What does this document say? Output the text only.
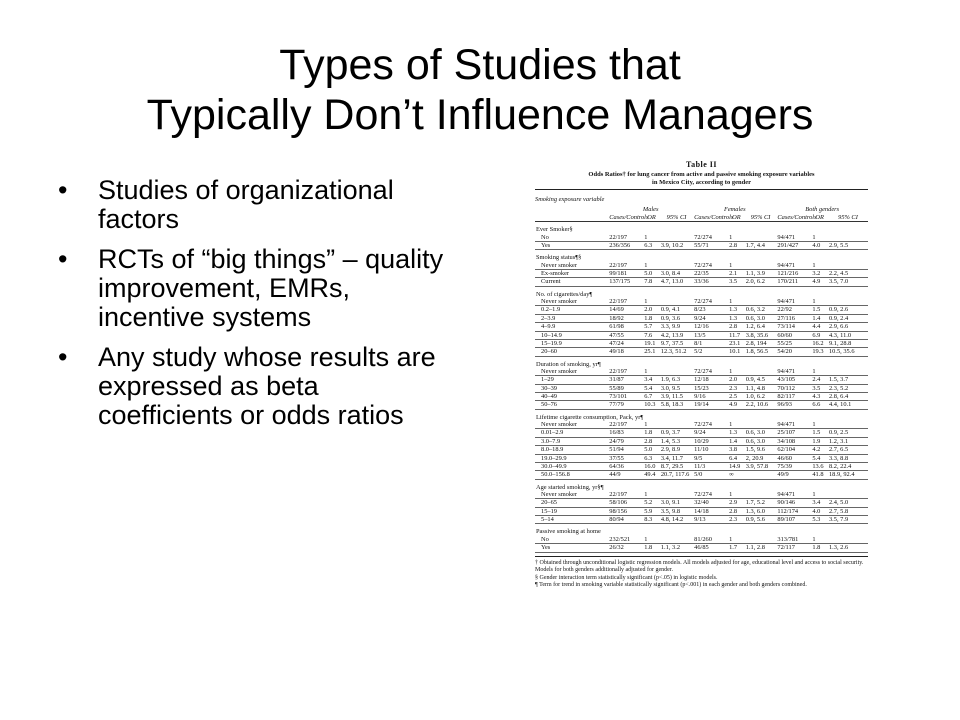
Types of Studies that
Typically Don’t Influence Managers
• Studies of organizational factors
• RCTs of “big things” – quality improvement, EMRs, incentive systems
• Any study whose results are expressed as beta coefficients or odds ratios
Table II
Odds Ratios† for lung cancer from active and passive smoking exposure variables
in Mexico City, according to gender
Smoking exposure variable
	Males			Females			Both genders		
	Cases/Controls	OR	95% CI	Cases/Controls	OR	95% CI	Cases/Controls	OR	95% CI
Ever Smoker§									
No	22/197	1		72/274	1		94/471	1	
Yes	236/356	6.3	3.9, 10.2	55/71	2.8	1.7, 4.4	291/427	4.0	2.9, 5.5
Smoking status¶§									
Never smoker	22/197	1		72/274	1		94/471	1	
Ex-smoker	99/181	5.0	3.0, 8.4	22/35	2.1	1.1, 3.9	121/216	3.2	2.2, 4.5
Current	137/175	7.8	4.7, 13.0	33/36	3.5	2.0, 6.2	170/211	4.9	3.5, 7.0
No. of cigarettes/day¶									
Never smoker	22/197	1		72/274	1		94/471	1	
0.2–1.9	14/69	2.0	0.9, 4.1	8/23	1.3	0.6, 3.2	22/92	1.5	0.9, 2.6
2–3.9	18/92	1.8	0.9, 3.6	9/24	1.3	0.6, 3.0	27/116	1.4	0.9, 2.4
4–9.9	61/98	5.7	3.3, 9.9	12/16	2.8	1.2, 6.4	73/114	4.4	2.9, 6.6
10–14.9	47/55	7.6	4.2, 13.9	13/5	11.7	3.8, 35.6	60/60	6.9	4.3, 11.0
15–19.9	47/24	19.1	9.7, 37.5	8/1	23.1	2.8, 194	55/25	16.2	9.1, 28.8
20–60	49/18	25.1	12.3, 51.2	5/2	10.1	1.8, 56.5	54/20	19.3	10.5, 35.6
Duration of smoking, yr¶									
Never smoker	22/197	1		72/274	1		94/471	1	
1–29	31/87	3.4	1.9, 6.3	12/18	2.0	0.9, 4.5	43/105	2.4	1.5, 3.7
30–39	55/89	5.4	3.0, 9.5	15/23	2.3	1.1, 4.8	70/112	3.5	2.3, 5.2
40–49	73/101	6.7	3.9, 11.5	9/16	2.5	1.0, 6.2	82/117	4.3	2.8, 6.4
50–76	77/79	10.3	5.8, 18.3	19/14	4.9	2.2, 10.6	96/93	6.6	4.4, 10.1
Lifetime cigarette consumption, Pack, yr¶									
Never smoker	22/197	1		72/274	1		94/471	1	
0.01–2.9	16/83	1.8	0.9, 3.7	9/24	1.3	0.6, 3.0	25/107	1.5	0.9, 2.5
3.0–7.9	24/79	2.8	1.4, 5.3	10/29	1.4	0.6, 3.0	34/108	1.9	1.2, 3.1
8.0–18.9	51/94	5.0	2.9, 8.9	11/10	3.8	1.5, 9.6	62/104	4.2	2.7, 6.5
19.0–29.9	37/55	6.3	3.4, 11.7	9/5	6.4	2, 20.9	46/60	5.4	3.3, 8.8
30.0–49.9	64/36	16.0	8.7, 29.5	11/3	14.9	3.9, 57.8	75/39	13.6	8.2, 22.4
50.0–156.8	44/9	49.4	20.7, 117.6	5/0	∞		49/9	41.8	18.9, 92.4
Age started smoking, yr§¶									
Never smoker	22/197	1		72/274	1		94/471	1	
20–65	58/106	5.2	3.0, 9.1	32/40	2.9	1.7, 5.2	90/146	3.4	2.4, 5.0
15–19	98/156	5.9	3.5, 9.8	14/18	2.8	1.3, 6.0	112/174	4.0	2.7, 5.8
5–14	80/94	8.3	4.8, 14.2	9/13	2.3	0.9, 5.6	89/107	5.3	3.5, 7.9
Passive smoking at home									
No	232/521	1		81/260	1		313/781	1	
Yes	26/32	1.8	1.1, 3.2	46/85	1.7	1.1, 2.8	72/117	1.8	1.3, 2.6
† Obtained through unconditional logistic regression models. All models adjusted for age, educational level and access to social security. Models for both genders additionally adjusted for gender.
§ Gender interaction term statistically significant (p<.05) in logistic models.
¶ Term for trend in smoking variable statistically significant (p<.001) in each gender and both genders combined.
